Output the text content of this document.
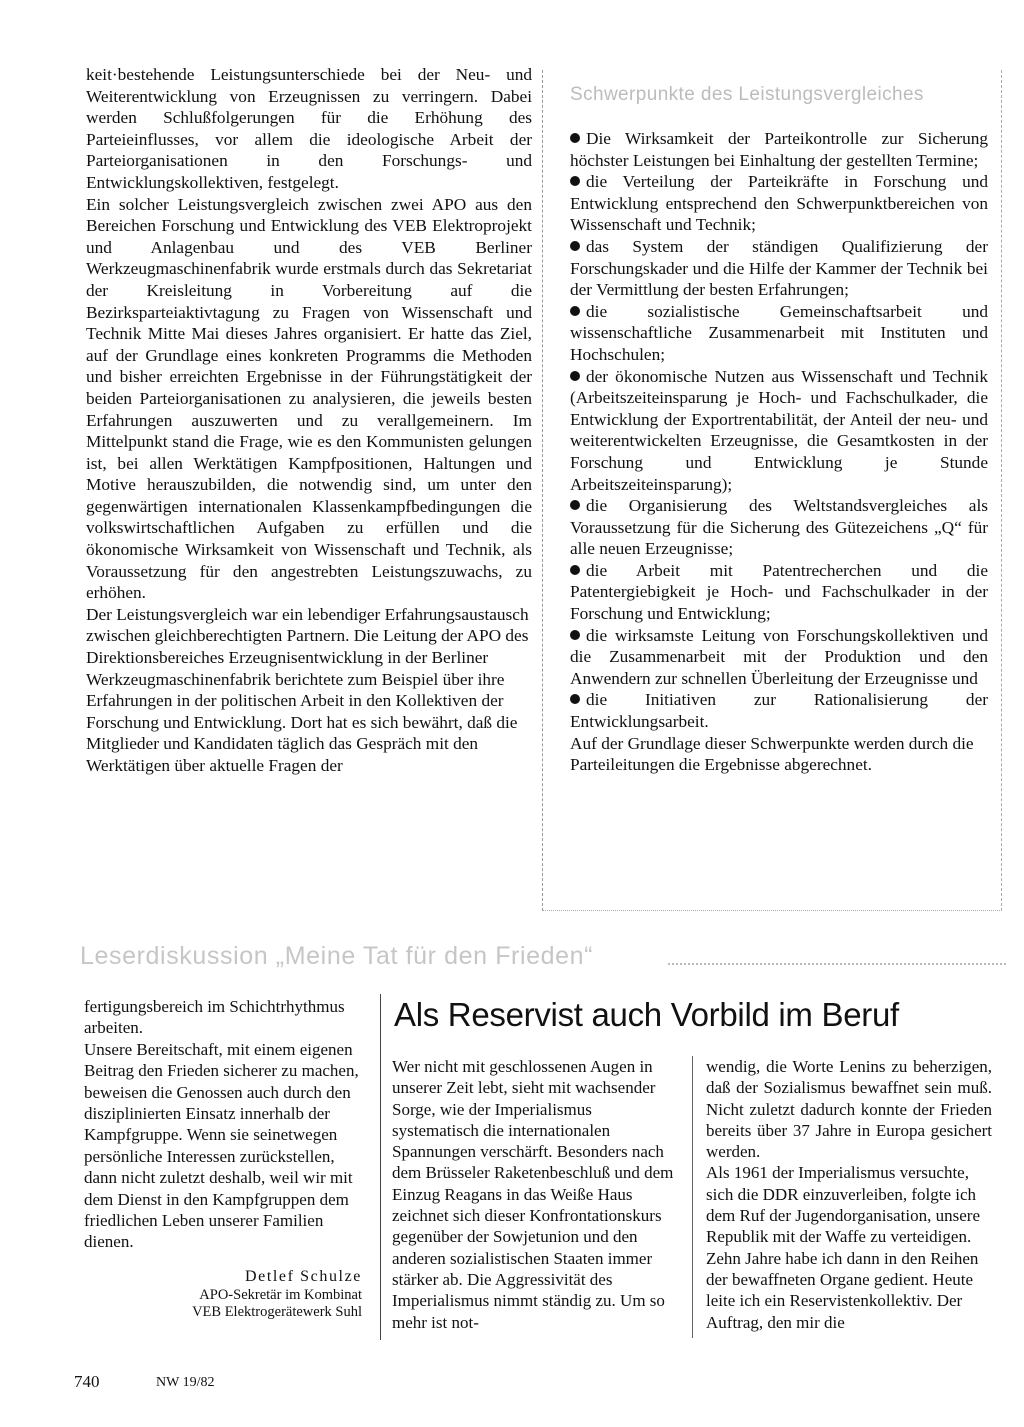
keit·bestehende Leistungsunterschiede bei der Neu- und Weiterentwicklung von Erzeugnissen zu verringern. Dabei werden Schlußfolgerungen für die Erhöhung des Parteieinflusses, vor allem die ideologische Arbeit der Parteiorganisationen in den Forschungs- und Entwicklungskollektiven, festgelegt.

Ein solcher Leistungsvergleich zwischen zwei APO aus den Bereichen Forschung und Entwicklung des VEB Elektroprojekt und Anlagenbau und des VEB Berliner Werkzeugmaschinenfabrik wurde erstmals durch das Sekretariat der Kreisleitung in Vorbereitung auf die Bezirksparteiaktivtagung zu Fragen von Wissenschaft und Technik Mitte Mai dieses Jahres organisiert. Er hatte das Ziel, auf der Grundlage eines konkreten Programms die Methoden und bisher erreichten Ergebnisse in der Führungstätigkeit der beiden Parteiorganisationen zu analysieren, die jeweils besten Erfahrungen auszuwerten und zu verallgemeinern. Im Mittelpunkt stand die Frage, wie es den Kommunisten gelungen ist, bei allen Werktätigen Kampfpositionen, Haltungen und Motive herauszubilden, die notwendig sind, um unter den gegenwärtigen internationalen Klassenkampfbedingungen die volkswirtschaftlichen Aufgaben zu erfüllen und die ökonomische Wirksamkeit von Wissenschaft und Technik, als Voraussetzung für den angestrebten Leistungszuwachs, zu erhöhen.

Der Leistungsvergleich war ein lebendiger Erfahrungsaustausch zwischen gleichberechtigten Partnern. Die Leitung der APO des Direktionsbereiches Erzeugnisentwicklung in der Berliner Werkzeugmaschinenfabrik berichtete zum Beispiel über ihre Erfahrungen in der politischen Arbeit in den Kollektiven der Forschung und Entwicklung. Dort hat es sich bewährt, daß die Mitglieder und Kandidaten täglich das Gespräch mit den Werktätigen über aktuelle Fragen der

Schwerpunkte des Leistungsvergleiches

Die Wirksamkeit der Parteikontrolle zur Sicherung höchster Leistungen bei Einhaltung der gestellten Termine;

die Verteilung der Parteikräfte in Forschung und Entwicklung entsprechend den Schwerpunktbereichen von Wissenschaft und Technik;

das System der ständigen Qualifizierung der Forschungskader und die Hilfe der Kammer der Technik bei der Vermittlung der besten Erfahrungen;

die sozialistische Gemeinschaftsarbeit und wissenschaftliche Zusammenarbeit mit Instituten und Hochschulen;

der ökonomische Nutzen aus Wissenschaft und Technik (Arbeitszeiteinsparung je Hoch- und Fachschulkader, die Entwicklung der Exportrentabilität, der Anteil der neu- und weiterentwickelten Erzeugnisse, die Gesamtkosten in der Forschung und Entwicklung je Stunde Arbeitszeiteinsparung);

die Organisierung des Weltstandsvergleiches als Voraussetzung für die Sicherung des Gütezeichens „Q“ für alle neuen Erzeugnisse;

die Arbeit mit Patentrecherchen und die Patentergiebigkeit je Hoch- und Fachschulkader in der Forschung und Entwicklung;

die wirksamste Leitung von Forschungskollektiven und die Zusammenarbeit mit der Produktion und den Anwendern zur schnellen Überleitung der Erzeugnisse und

die Initiativen zur Rationalisierung der Entwicklungsarbeit.

Auf der Grundlage dieser Schwerpunkte werden durch die Parteileitungen die Ergebnisse abgerechnet.

Leserdiskussion „Meine Tat für den Frieden“

fertigungsbereich im Schichtrhythmus arbeiten.

Unsere Bereitschaft, mit einem eigenen Beitrag den Frieden sicherer zu machen, beweisen die Genossen auch durch den disziplinierten Einsatz innerhalb der Kampfgruppe. Wenn sie seinetwegen persönliche Interessen zurückstellen, dann nicht zuletzt deshalb, weil wir mit dem Dienst in den Kampfgruppen dem friedlichen Leben unserer Familien dienen.

Detlef Schulze
APO-Sekretär im Kombinat
VEB Elektrogerätewerk Suhl
Als Reservist auch Vorbild im Beruf

Wer nicht mit geschlossenen Augen in unserer Zeit lebt, sieht mit wachsender Sorge, wie der Imperialismus systematisch die internationalen Spannungen verschärft. Besonders nach dem Brüsseler Raketenbeschluß und dem Einzug Reagans in das Weiße Haus zeichnet sich dieser Konfrontationskurs gegenüber der Sowjetunion und den anderen sozialistischen Staaten immer stärker ab. Die Aggressivität des Imperialismus nimmt ständig zu. Um so mehr ist not-

wendig, die Worte Lenins zu beherzigen, daß der Sozialismus bewaffnet sein muß. Nicht zuletzt dadurch konnte der Frieden bereits über 37 Jahre in Europa gesichert werden.

Als 1961 der Imperialismus versuchte, sich die DDR einzuverleiben, folgte ich dem Ruf der Jugendorganisation, unsere Republik mit der Waffe zu verteidigen. Zehn Jahre habe ich dann in den Reihen der bewaffneten Organe gedient. Heute leite ich ein Reservistenkollektiv. Der Auftrag, den mir die

740	NW 19/82
